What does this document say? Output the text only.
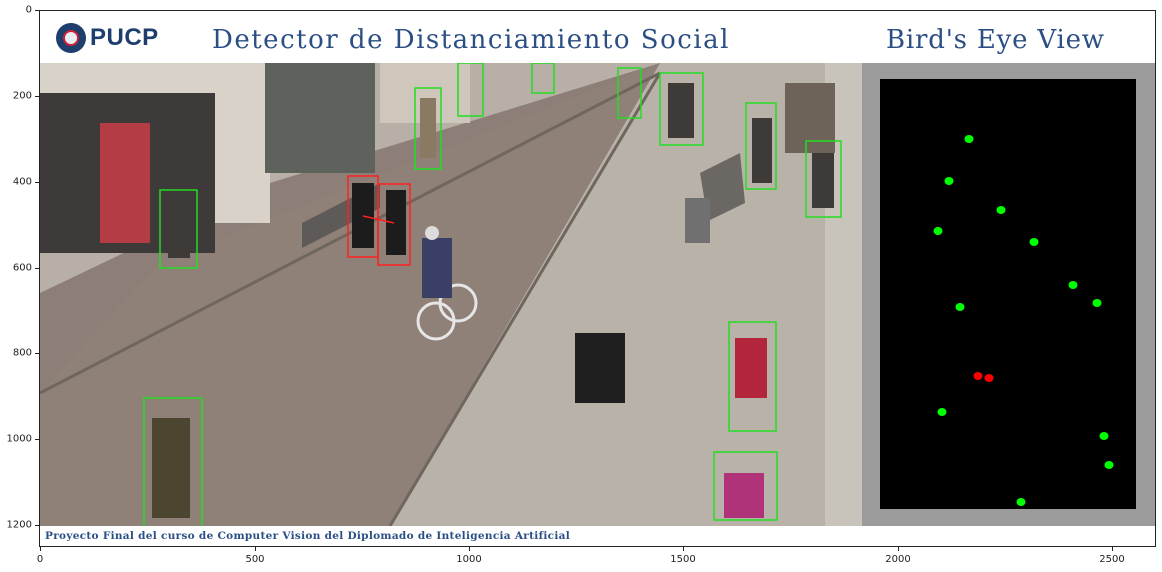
0
200
400
600
800
1000
1200
0	500	1000	1500	2000	2500
PUCP Detector de Distanciamiento Social	Bird's Eye View
Proyecto Final del curso de Computer Vision del Diplomado de Inteligencia Artificial
